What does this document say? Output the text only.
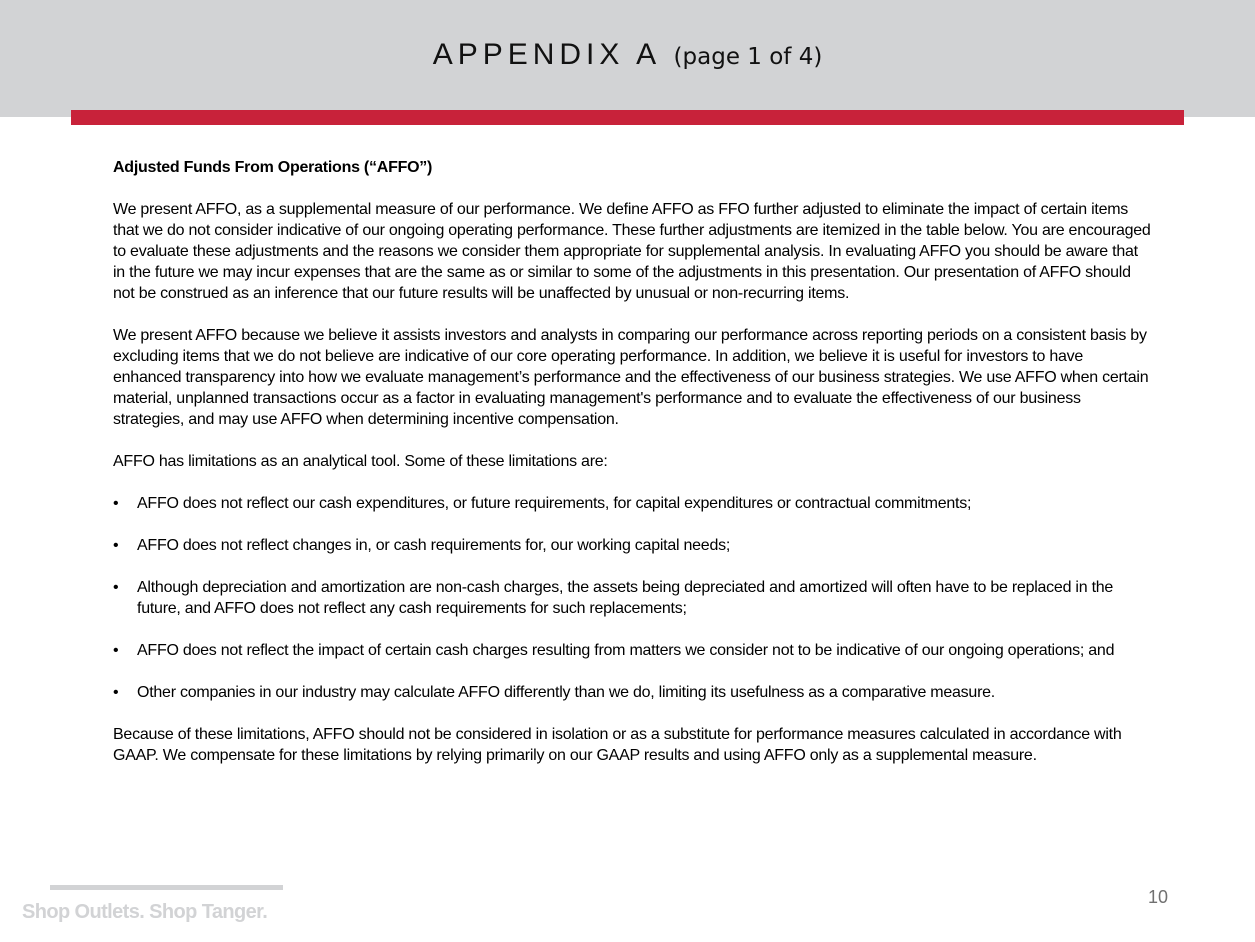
APPENDIX A (page 1 of 4)
Adjusted Funds From Operations (“AFFO”)

We present AFFO, as a supplemental measure of our performance. We define AFFO as FFO further adjusted to eliminate the impact of certain items that we do not consider indicative of our ongoing operating performance. These further adjustments are itemized in the table below. You are encouraged to evaluate these adjustments and the reasons we consider them appropriate for supplemental analysis. In evaluating AFFO you should be aware that in the future we may incur expenses that are the same as or similar to some of the adjustments in this presentation. Our presentation of AFFO should not be construed as an inference that our future results will be unaffected by unusual or non-recurring items.

We present AFFO because we believe it assists investors and analysts in comparing our performance across reporting periods on a consistent basis by excluding items that we do not believe are indicative of our core operating performance. In addition, we believe it is useful for investors to have enhanced transparency into how we evaluate management’s performance and the effectiveness of our business strategies. We use AFFO when certain material, unplanned transactions occur as a factor in evaluating management's performance and to evaluate the effectiveness of our business strategies, and may use AFFO when determining incentive compensation.

AFFO has limitations as an analytical tool. Some of these limitations are:

•	AFFO does not reflect our cash expenditures, or future requirements, for capital expenditures or contractual commitments;
•	AFFO does not reflect changes in, or cash requirements for, our working capital needs;
•	Although depreciation and amortization are non-cash charges, the assets being depreciated and amortized will often have to be replaced in the future, and AFFO does not reflect any cash requirements for such replacements;
•	AFFO does not reflect the impact of certain cash charges resulting from matters we consider not to be indicative of our ongoing operations; and
•	Other companies in our industry may calculate AFFO differently than we do, limiting its usefulness as a comparative measure.

Because of these limitations, AFFO should not be considered in isolation or as a substitute for performance measures calculated in accordance with GAAP. We compensate for these limitations by relying primarily on our GAAP results and using AFFO only as a supplemental measure.

Shop Outlets. Shop Tanger.
10
